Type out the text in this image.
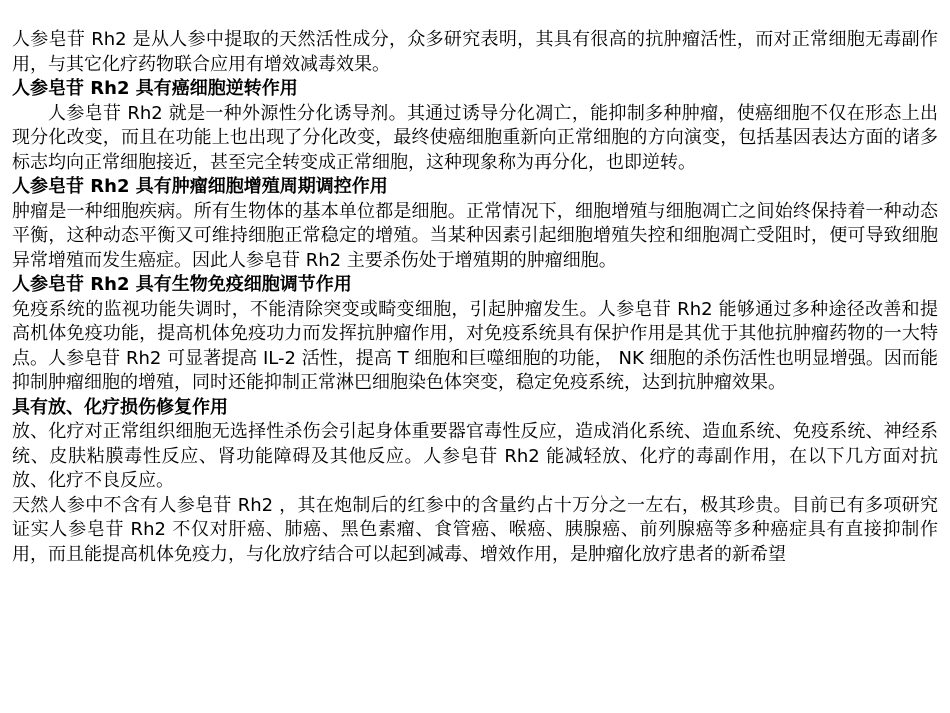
人参皂苷 Rh2 是从人参中提取的天然活性成分，众多研究表明，其具有很高的抗肿瘤活性，而对正常细胞无毒副作用，与其它化疗药物联合应用有增效减毒效果。

人参皂苷 Rh2 具有癌细胞逆转作用

人参皂苷 Rh2 就是一种外源性分化诱导剂。其通过诱导分化凋亡，能抑制多种肿瘤，使癌细胞不仅在形态上出现分化改变，而且在功能上也出现了分化改变，最终使癌细胞重新向正常细胞的方向演变，包括基因表达方面的诸多标志均向正常细胞接近，甚至完全转变成正常细胞，这种现象称为再分化，也即逆转。

人参皂苷 Rh2 具有肿瘤细胞增殖周期调控作用

肿瘤是一种细胞疾病。所有生物体的基本单位都是细胞。正常情况下，细胞增殖与细胞凋亡之间始终保持着一种动态平衡，这种动态平衡又可维持细胞正常稳定的增殖。当某种因素引起细胞增殖失控和细胞凋亡受阻时，便可导致细胞异常增殖而发生癌症。因此人参皂苷 Rh2 主要杀伤处于增殖期的肿瘤细胞。

人参皂苷 Rh2 具有生物免疫细胞调节作用

免疫系统的监视功能失调时，不能清除突变或畸变细胞，引起肿瘤发生。人参皂苷 Rh2 能够通过多种途径改善和提高机体免疫功能，提高机体免疫功力而发挥抗肿瘤作用，对免疫系统具有保护作用是其优于其他抗肿瘤药物的一大特点。人参皂苷 Rh2 可显著提高 IL-2 活性，提高 T 细胞和巨噬细胞的功能， NK 细胞的杀伤活性也明显增强。因而能抑制肿瘤细胞的增殖，同时还能抑制正常淋巴细胞染色体突变，稳定免疫系统，达到抗肿瘤效果。

具有放、化疗损伤修复作用

放、化疗对正常组织细胞无选择性杀伤会引起身体重要器官毒性反应，造成消化系统、造血系统、免疫系统、神经系统、皮肤粘膜毒性反应、肾功能障碍及其他反应。人参皂苷 Rh2 能减轻放、化疗的毒副作用，在以下几方面对抗放、化疗不良反应。

天然人参中不含有人参皂苷 Rh2 ，其在炮制后的红参中的含量约占十万分之一左右，极其珍贵。目前已有多项研究证实人参皂苷 Rh2 不仅对肝癌、肺癌、黑色素瘤、食管癌、喉癌、胰腺癌、前列腺癌等多种癌症具有直接抑制作用，而且能提高机体免疫力，与化放疗结合可以起到减毒、增效作用，是肿瘤化放疗患者的新希望
